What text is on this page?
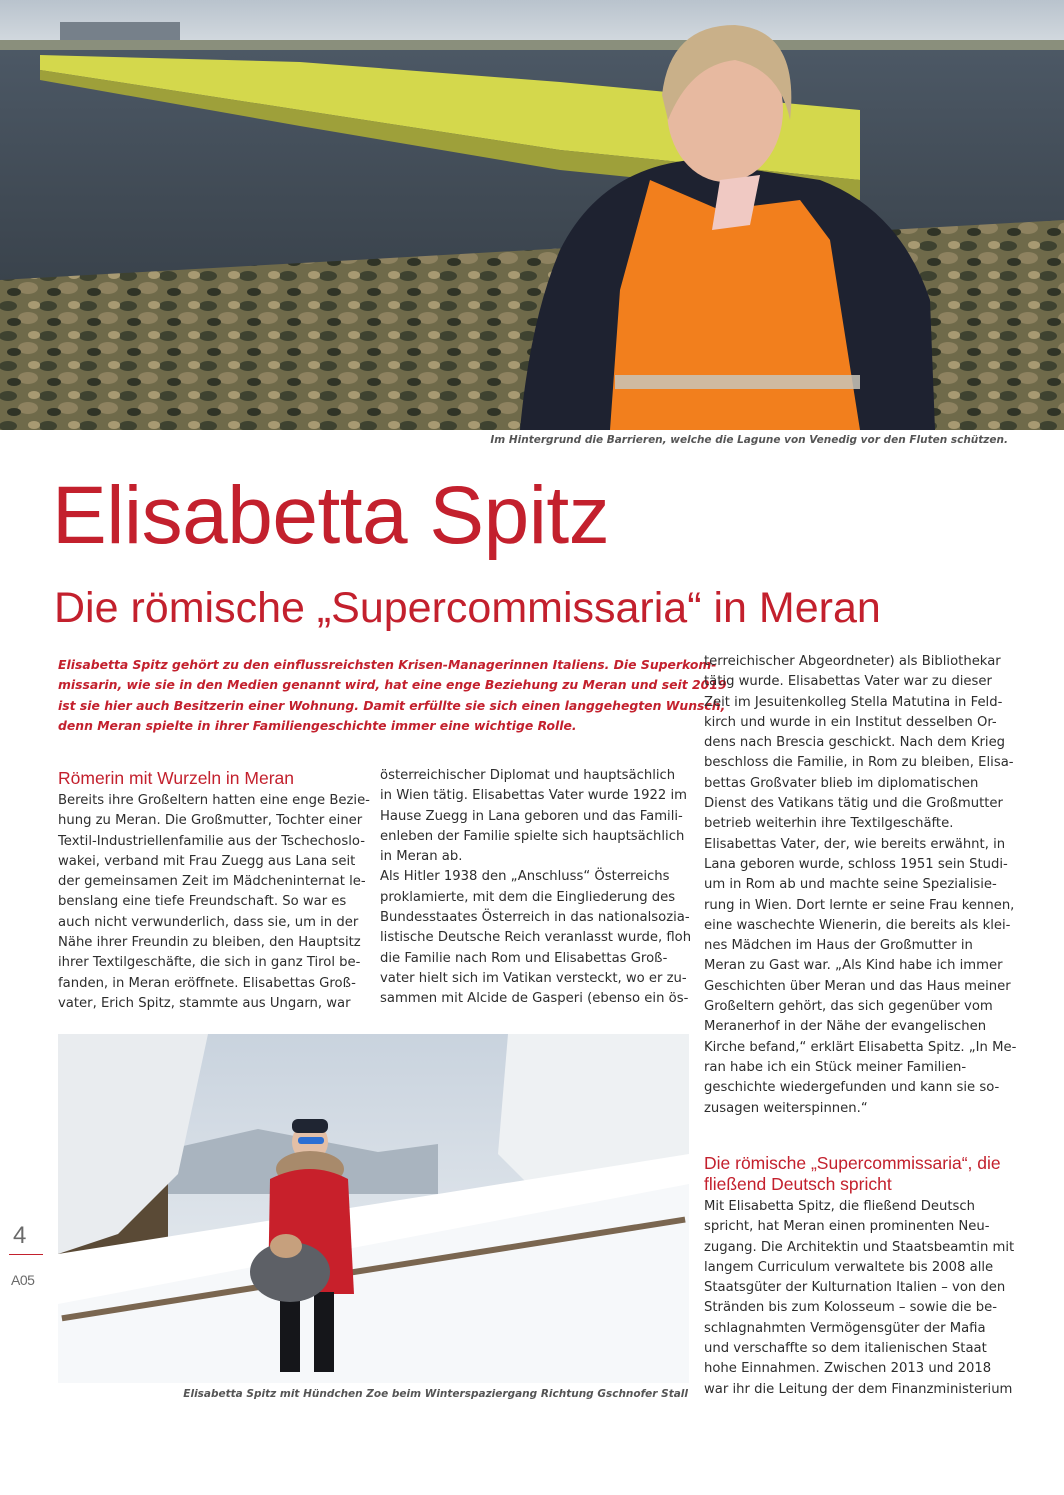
Im Hintergrund die Barrieren, welche die Lagune von Venedig vor den Fluten schützen.
Elisabetta Spitz
Die römische „Supercommissaria“ in Meran
Elisabetta Spitz gehört zu den einflussreichsten Krisen-Managerinnen Italiens. Die Superkom-
missarin, wie sie in den Medien genannt wird, hat eine enge Beziehung zu Meran und seit 2019
ist sie hier auch Besitzerin einer Wohnung. Damit erfüllte sie sich einen langgehegten Wunsch,
denn Meran spielte in ihrer Familiengeschichte immer eine wichtige Rolle.
Römerin mit Wurzeln in Meran
Bereits ihre Großeltern hatten eine enge Bezie-
hung zu Meran. Die Großmutter, Tochter einer
Textil-Industriellenfamilie aus der Tschechoslo-
wakei, verband mit Frau Zuegg aus Lana seit
der gemeinsamen Zeit im Mädcheninternat le-
benslang eine tiefe Freundschaft. So war es
auch nicht verwunderlich, dass sie, um in der
Nähe ihrer Freundin zu bleiben, den Hauptsitz
ihrer Textilgeschäfte, die sich in ganz Tirol be-
fanden, in Meran eröffnete. Elisabettas Groß-
vater, Erich Spitz, stammte aus Ungarn, war
österreichischer Diplomat und hauptsächlich
in Wien tätig. Elisabettas Vater wurde 1922 im
Hause Zuegg in Lana geboren und das Famili-
enleben der Familie spielte sich hauptsächlich
in Meran ab.
Als Hitler 1938 den „Anschluss“ Österreichs
proklamierte, mit dem die Eingliederung des
Bundesstaates Österreich in das nationalsozia-
listische Deutsche Reich veranlasst wurde, floh
die Familie nach Rom und Elisabettas Groß-
vater hielt sich im Vatikan versteckt, wo er zu-
sammen mit Alcide de Gasperi (ebenso ein ös-
terreichischer Abgeordneter) als Bibliothekar
tätig wurde. Elisabettas Vater war zu dieser
Zeit im Jesuitenkolleg Stella Matutina in Feld-
kirch und wurde in ein Institut desselben Or-
dens nach Brescia geschickt. Nach dem Krieg
beschloss die Familie, in Rom zu bleiben, Elisa-
bettas Großvater blieb im diplomatischen
Dienst des Vatikans tätig und die Großmutter
betrieb weiterhin ihre Textilgeschäfte.
Elisabettas Vater, der, wie bereits erwähnt, in
Lana geboren wurde, schloss 1951 sein Studi-
um in Rom ab und machte seine Spezialisie-
rung in Wien. Dort lernte er seine Frau kennen,
eine waschechte Wienerin, die bereits als klei-
nes Mädchen im Haus der Großmutter in
Meran zu Gast war. „Als Kind habe ich immer
Geschichten über Meran und das Haus meiner
Großeltern gehört, das sich gegenüber vom
Meranerhof in der Nähe der evangelischen
Kirche befand,“ erklärt Elisabetta Spitz. „In Me-
ran habe ich ein Stück meiner Familien-
geschichte wiedergefunden und kann sie so-
zusagen weiterspinnen.“
Die römische „Supercommissaria“, die
fließend Deutsch spricht
Mit Elisabetta Spitz, die fließend Deutsch
spricht, hat Meran einen prominenten Neu-
zugang. Die Architektin und Staatsbeamtin mit
langem Curriculum verwaltete bis 2008 alle
Staatsgüter der Kulturnation Italien – von den
Stränden bis zum Kolosseum – sowie die be-
schlagnahmten Vermögensgüter der Mafia
und verschaffte so dem italienischen Staat
hohe Einnahmen. Zwischen 2013 und 2018
war ihr die Leitung der dem Finanzministerium
Elisabetta Spitz mit Hündchen Zoe beim Winterspaziergang Richtung Gschnofer Stall
4
A05
